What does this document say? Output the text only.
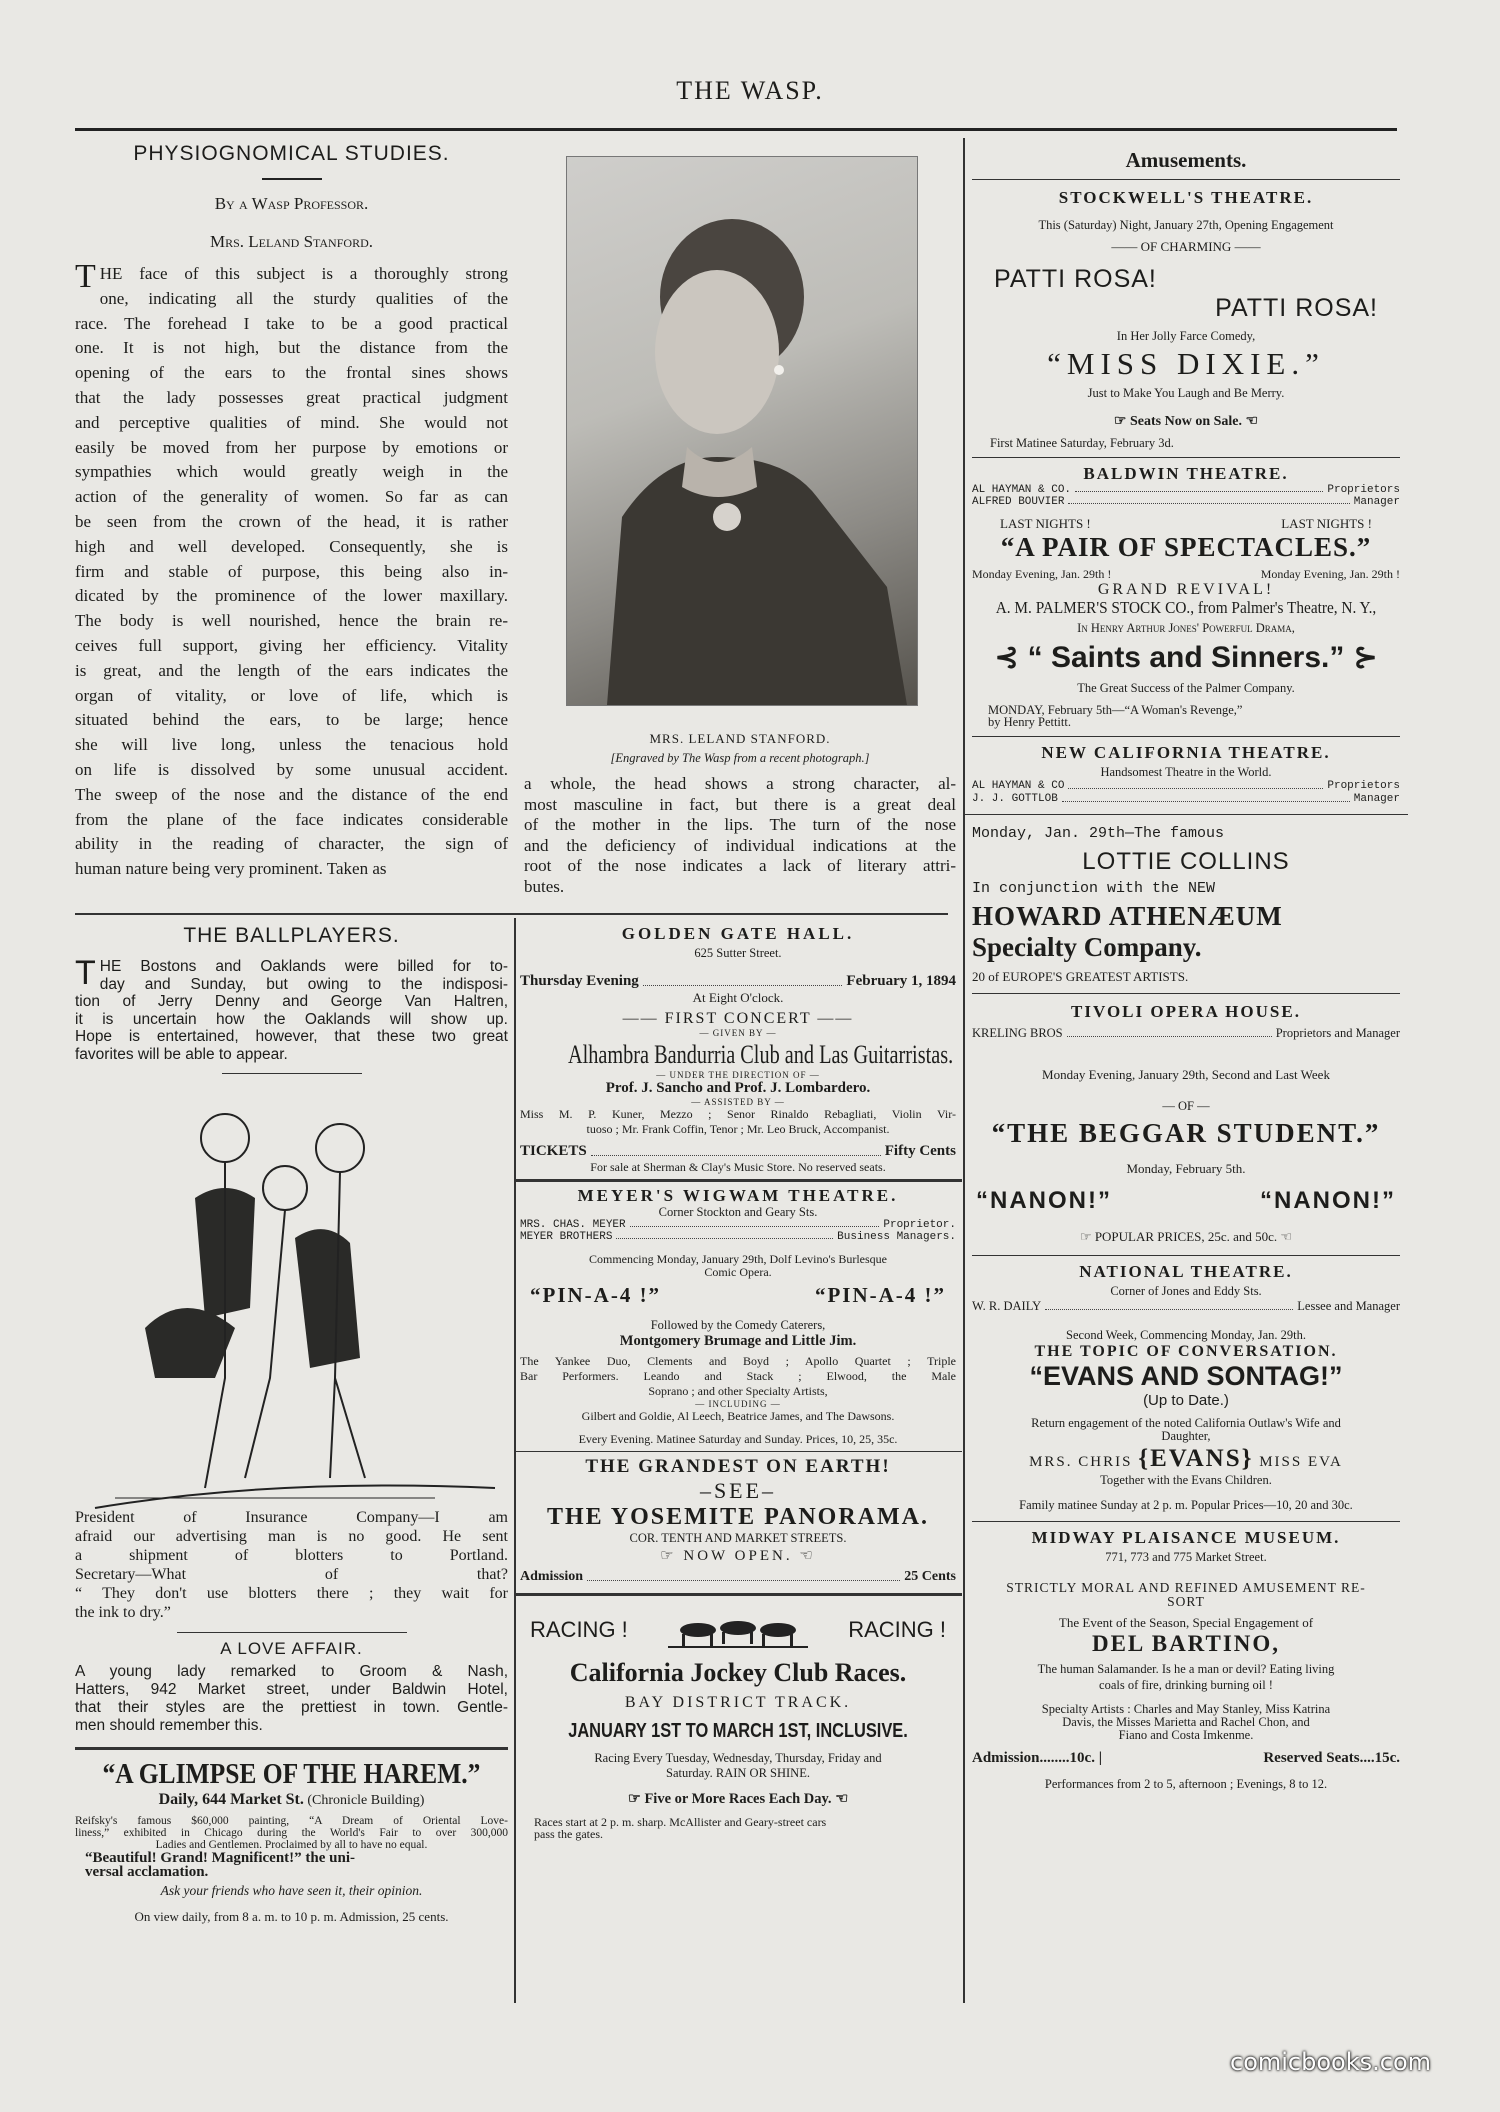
THE WASP.
PHYSIOGNOMICAL STUDIES.
By a Wasp Professor.
Mrs. Leland Stanford.
THE face of this subject is a thoroughly strong
one, indicating all the sturdy qualities of the
race. The forehead I take to be a good practical
one. It is not high, but the distance from the
opening of the ears to the frontal sines shows
that the lady possesses great practical judgment
and perceptive qualities of mind. She would not
easily be moved from her purpose by emotions or
sympathies which would greatly weigh in the
action of the generality of women. So far as can
be seen from the crown of the head, it is rather
high and well developed. Consequently, she is
firm and stable of purpose, this being also in-
dicated by the prominence of the lower maxillary.
The body is well nourished, hence the brain re-
ceives full support, giving her efficiency. Vitality
is great, and the length of the ears indicates the
organ of vitality, or love of life, which is
situated behind the ears, to be large; hence
she will live long, unless the tenacious hold
on life is dissolved by some unusual accident.
The sweep of the nose and the distance of the end
from the plane of the face indicates considerable
ability in the reading of character, the sign of
human nature being very prominent. Taken as
MRS. LELAND STANFORD.
[Engraved by The Wasp from a recent photograph.]
a whole, the head shows a strong character, al-
most masculine in fact, but there is a great deal
of the mother in the lips. The turn of the nose
and the deficiency of individual indications at the
root of the nose indicates a lack of literary attri-
butes.
Amusements.
STOCKWELL'S THEATRE.
This (Saturday) Night, January 27th, Opening Engagement
—— OF CHARMING ——
PATTI ROSA!
PATTI ROSA!
In Her Jolly Farce Comedy,
“MISS DIXIE.”
Just to Make You Laugh and Be Merry.
☞ Seats Now on Sale. ☜
First Matinee Saturday, February 3d.
BALDWIN THEATRE.
AL HAYMAN & CO.	Proprietors
ALFRED BOUVIER	Manager
LAST NIGHTS !	LAST NIGHTS !
“A PAIR OF SPECTACLES.”
Monday Evening, Jan. 29th !	Monday Evening, Jan. 29th !
GRAND REVIVAL!
A. M. PALMER'S STOCK CO., from Palmer's Theatre, N. Y.,
In Henry Arthur Jones' Powerful Drama,
⊰ “ Saints and Sinners.” ⊱
The Great Success of the Palmer Company.
MONDAY, February 5th—“A Woman's Revenge,”
by Henry Pettitt.
NEW CALIFORNIA THEATRE.
Handsomest Theatre in the World.
AL HAYMAN & CO	Proprietors
J. J. GOTTLOB	Manager
Monday, Jan. 29th—The famous
LOTTIE COLLINS
In conjunction with the NEW
HOWARD ATHENÆUM
Specialty Company.
20 of EUROPE'S GREATEST ARTISTS.
TIVOLI OPERA HOUSE.
KRELING BROS	Proprietors and Manager
Monday Evening, January 29th, Second and Last Week
— OF —
“THE BEGGAR STUDENT.”
Monday, February 5th.
“NANON!”	“NANON!”
☞ POPULAR PRICES, 25c. and 50c. ☜
NATIONAL THEATRE.
Corner of Jones and Eddy Sts.
W. R. DAILY	Lessee and Manager
Second Week, Commencing Monday, Jan. 29th.
THE TOPIC OF CONVERSATION.
“EVANS AND SONTAG!”
(Up to Date.)
Return engagement of the noted California Outlaw's Wife and
Daughter,
MRS. CHRIS {EVANS} MISS EVA
Together with the Evans Children.
Family matinee Sunday at 2 p. m. Popular Prices—10, 20 and 30c.
MIDWAY PLAISANCE MUSEUM.
771, 773 and 775 Market Street.
STRICTLY MORAL AND REFINED AMUSEMENT RE-
SORT
The Event of the Season, Special Engagement of
DEL BARTINO,
The human Salamander. Is he a man or devil? Eating living
coals of fire, drinking burning oil !
Specialty Artists : Charles and May Stanley, Miss Katrina
Davis, the Misses Marietta and Rachel Chon, and
Fiano and Costa Imkenme.
Admission........10c. |	Reserved Seats....15c.
Performances from 2 to 5, afternoon ; Evenings, 8 to 12.
THE BALLPLAYERS.
THE Bostons and Oaklands were billed for to-
day and Sunday, but owing to the indisposi-
tion of Jerry Denny and George Van Haltren,
it is uncertain how the Oaklands will show up.
Hope is entertained, however, that these two great
favorites will be able to appear.
President of Insurance Company—I am
afraid our advertising man is no good. He sent
a shipment of blotters to Portland.
Secretary—What of that?
“ They don't use blotters there ; they wait for
the ink to dry.”
A LOVE AFFAIR.
A young lady remarked to Groom & Nash,
Hatters, 942 Market street, under Baldwin Hotel,
that their styles are the prettiest in town. Gentle-
men should remember this.
“A GLIMPSE OF THE HAREM.”
Daily, 644 Market St. (Chronicle Building)
Reifsky's famous $60,000 painting, “A Dream of Oriental Love-
liness,” exhibited in Chicago during the World's Fair to over 300,000
Ladies and Gentlemen. Proclaimed by all to have no equal.
“Beautiful! Grand! Magnificent!” the uni-
versal acclamation.
Ask your friends who have seen it, their opinion.
On view daily, from 8 a. m. to 10 p. m. Admission, 25 cents.
GOLDEN GATE HALL.
625 Sutter Street.
Thursday Evening	February 1, 1894
At Eight O'clock.
—— FIRST CONCERT ——
— GIVEN BY —
Alhambra Bandurria Club and Las Guitarristas.
— UNDER THE DIRECTION OF —
Prof. J. Sancho and Prof. J. Lombardero.
— ASSISTED BY —
Miss M. P. Kuner, Mezzo ; Senor Rinaldo Rebagliati, Violin Vir-
tuoso ; Mr. Frank Coffin, Tenor ; Mr. Leo Bruck, Accompanist.
TICKETS	Fifty Cents
For sale at Sherman & Clay's Music Store. No reserved seats.
MEYER'S WIGWAM THEATRE.
Corner Stockton and Geary Sts.
MRS. CHAS. MEYER	Proprietor.
MEYER BROTHERS	Business Managers.
Commencing Monday, January 29th, Dolf Levino's Burlesque
Comic Opera.
“PIN-A-4 !”	“PIN-A-4 !”
Followed by the Comedy Caterers,
Montgomery Brumage and Little Jim.
The Yankee Duo, Clements and Boyd ; Apollo Quartet ; Triple
Bar Performers. Leando and Stack ; Elwood, the Male
Soprano ; and other Specialty Artists,
— INCLUDING —
Gilbert and Goldie, Al Leech, Beatrice James, and The Dawsons.
Every Evening. Matinee Saturday and Sunday. Prices, 10, 25, 35c.
THE GRANDEST ON EARTH!
–SEE–
THE YOSEMITE PANORAMA.
COR. TENTH AND MARKET STREETS.
☞ NOW OPEN. ☜
Admission	25 Cents
RACING !	RACING !
California Jockey Club Races.
BAY DISTRICT TRACK.
JANUARY 1ST TO MARCH 1ST, INCLUSIVE.
Racing Every Tuesday, Wednesday, Thursday, Friday and
Saturday. RAIN OR SHINE.
☞ Five or More Races Each Day. ☜
Races start at 2 p. m. sharp. McAllister and Geary-street cars
pass the gates.
comicbooks.com
